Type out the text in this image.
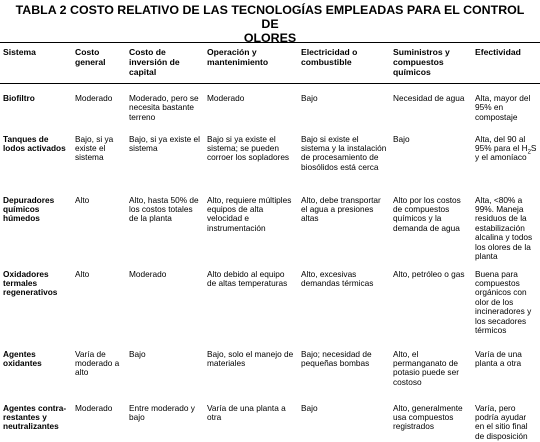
TABLA 2 COSTO RELATIVO DE LAS TECNOLOGÍAS EMPLEADAS PARA EL CONTROL DE
OLORES
Sistema	Costo general	Costo de inversión de capital	Operación y mantenimiento	Electricidad o combustible	Suministros y compuestos químicos	Efectividad
Biofiltro	Moderado	Moderado, pero se necesita bastante terreno	Moderado	Bajo	Necesidad de agua	Alta, mayor del 95% en compostaje
Tanques de lodos activados	Bajo, si ya existe el sistema	Bajo, si ya existe el sistema	Bajo si ya existe el sistema; se pueden corroer los sopladores	Bajo si existe el sistema y la instalación de procesamiento de biosólidos está cerca	Bajo	Alta, del 90 al 95% para el $H_2S$ y el amoníaco
Depuradores químicos húmedos	Alto	Alto, hasta 50% de los costos totales de la planta	Alto, requiere múltiples equipos de alta velocidad e instrumentación	Alto, debe transportar el agua a presiones altas	Alto por los costos de compuestos químicos y la demanda de agua	Alta, <80% a 99%. Maneja residuos de la estabilización alcalina y todos los olores de la planta
Oxidadores termales regenerativos	Alto	Moderado	Alto debido al equipo de altas temperaturas	Alto, excesivas demandas térmicas	Alto, petróleo o gas	Buena para compuestos orgánicos con olor de los incineradores y los secadores térmicos
Agentes oxidantes	Varía de moderado a alto	Bajo	Bajo, solo el manejo de materiales	Bajo; necesidad de pequeñas bombas	Alto, el permanganato de potasio puede ser costoso	Varía de una planta a otra
Agentes contra-restantes y neutralizantes	Moderado	Entre moderado y bajo	Varía de una planta a otra	Bajo	Alto, generalmente usa compuestos registrados	Varía, pero podría ayudar en el sitio final de disposición
